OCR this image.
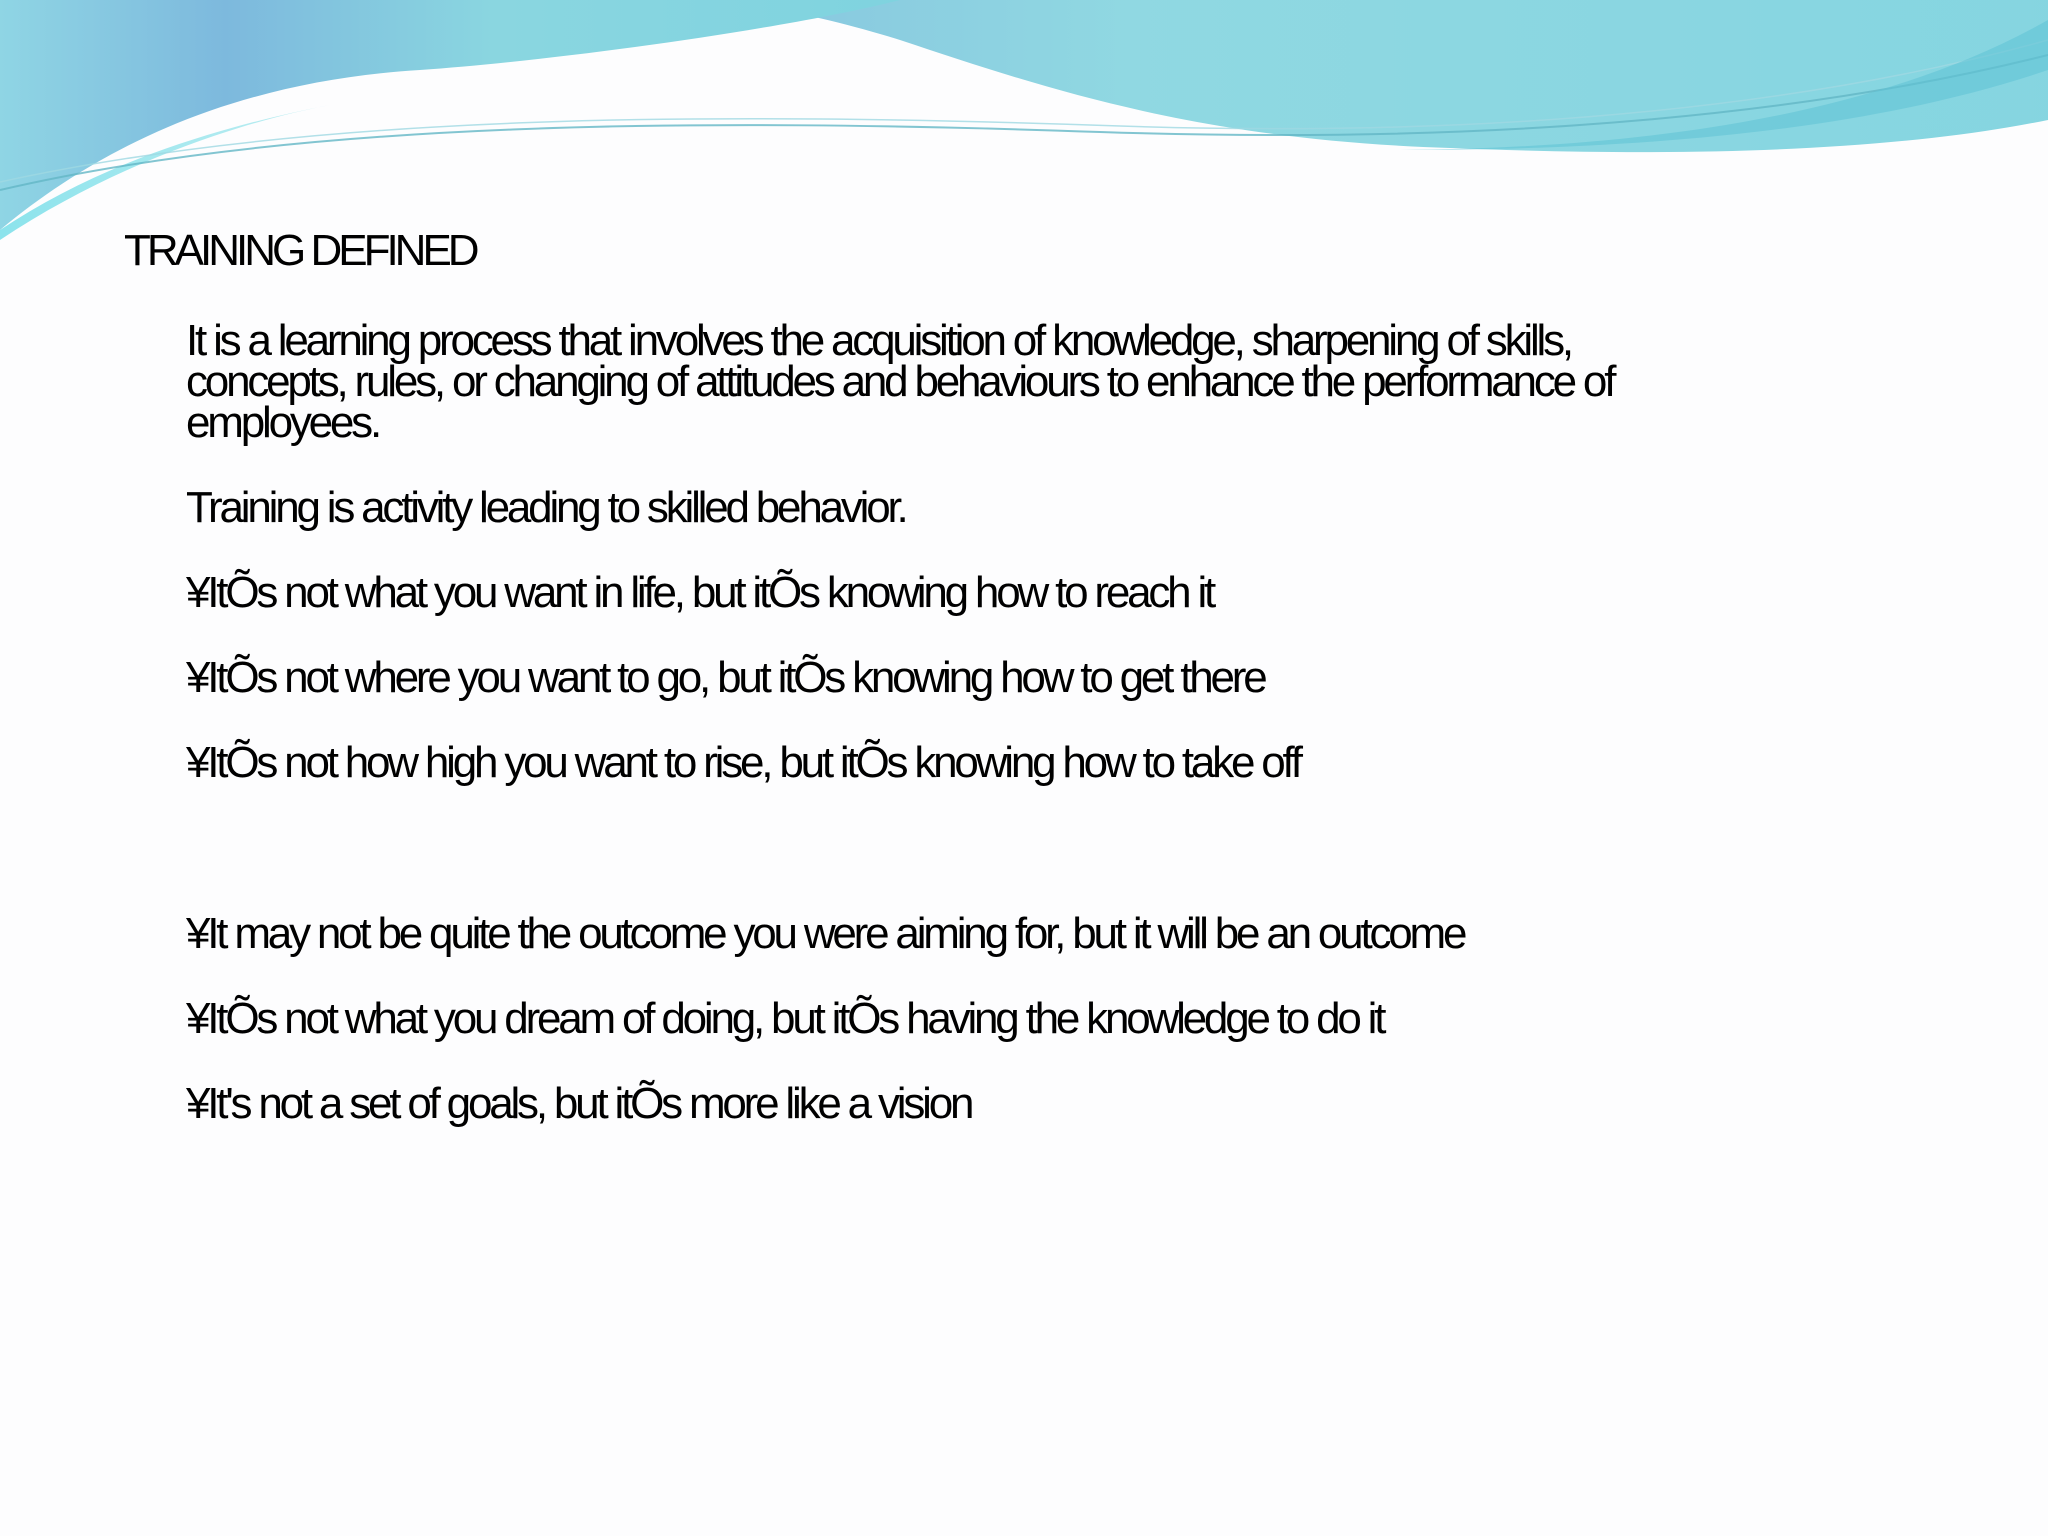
TRAINING DEFINED

It is a learning process that involves the acquisition of knowledge, sharpening of skills,
concepts, rules, or changing of attitudes and behaviours to enhance the performance of
employees.

Training is activity leading to skilled behavior.

¥ItÕs not what you want in life, but itÕs knowing how to reach it

¥ItÕs not where you want to go, but itÕs knowing how to get there

¥ItÕs not how high you want to rise, but itÕs knowing how to take off

¥It may not be quite the outcome you were aiming for, but it will be an outcome

¥ItÕs not what you dream of doing, but itÕs having the knowledge to do it

¥It's not a set of goals, but itÕs more like a vision
